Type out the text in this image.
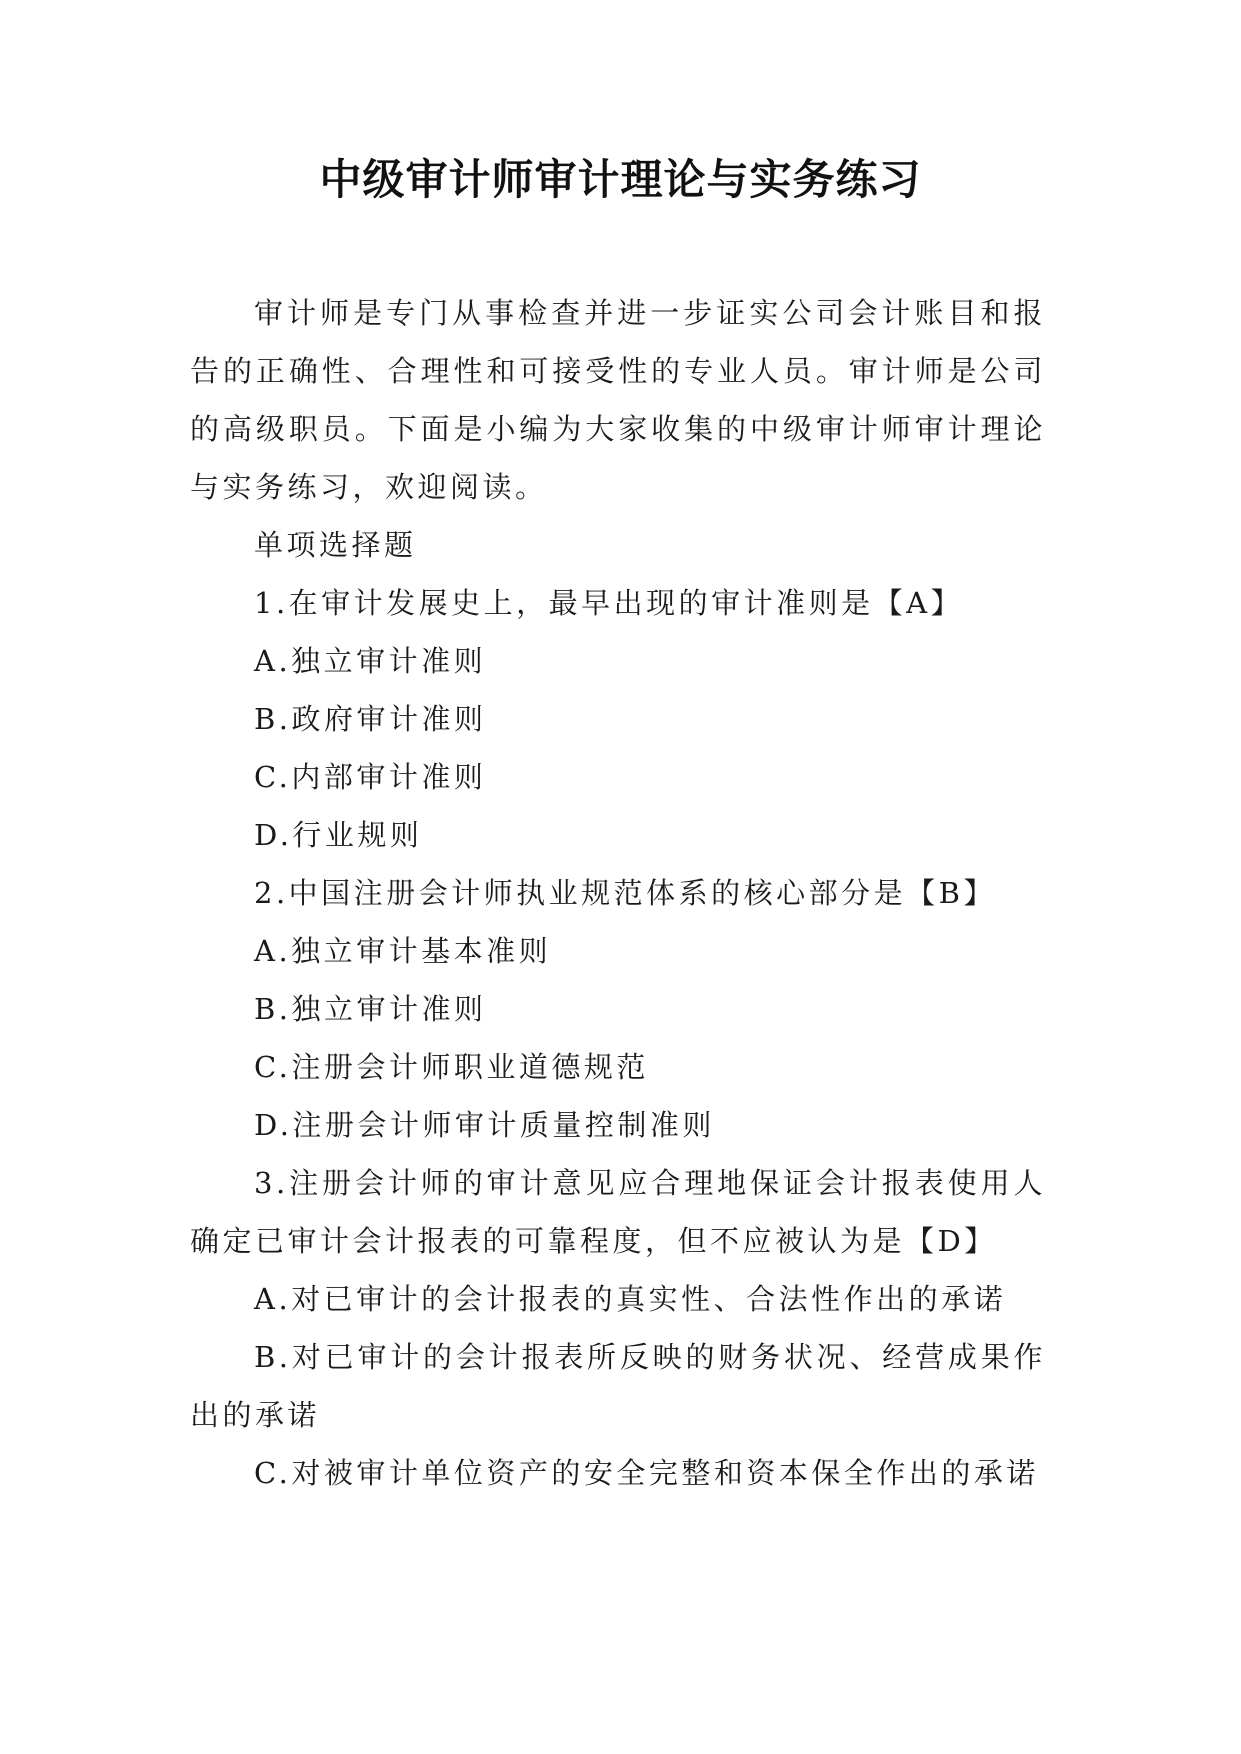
中级审计师审计理论与实务练习

审计师是专门从事检查并进一步证实公司会计账目和报告的正确性、合理性和可接受性的专业人员。审计师是公司的高级职员。下面是小编为大家收集的中级审计师审计理论与实务练习，欢迎阅读。

单项选择题

1.在审计发展史上，最早出现的审计准则是【A】

A.独立审计准则

B.政府审计准则

C.内部审计准则

D.行业规则

2.中国注册会计师执业规范体系的核心部分是【B】

A.独立审计基本准则

B.独立审计准则

C.注册会计师职业道德规范

D.注册会计师审计质量控制准则

3.注册会计师的审计意见应合理地保证会计报表使用人确定已审计会计报表的可靠程度，但不应被认为是【D】

A.对已审计的会计报表的真实性、合法性作出的承诺

B.对已审计的会计报表所反映的财务状况、经营成果作出的承诺

C.对被审计单位资产的安全完整和资本保全作出的承诺
